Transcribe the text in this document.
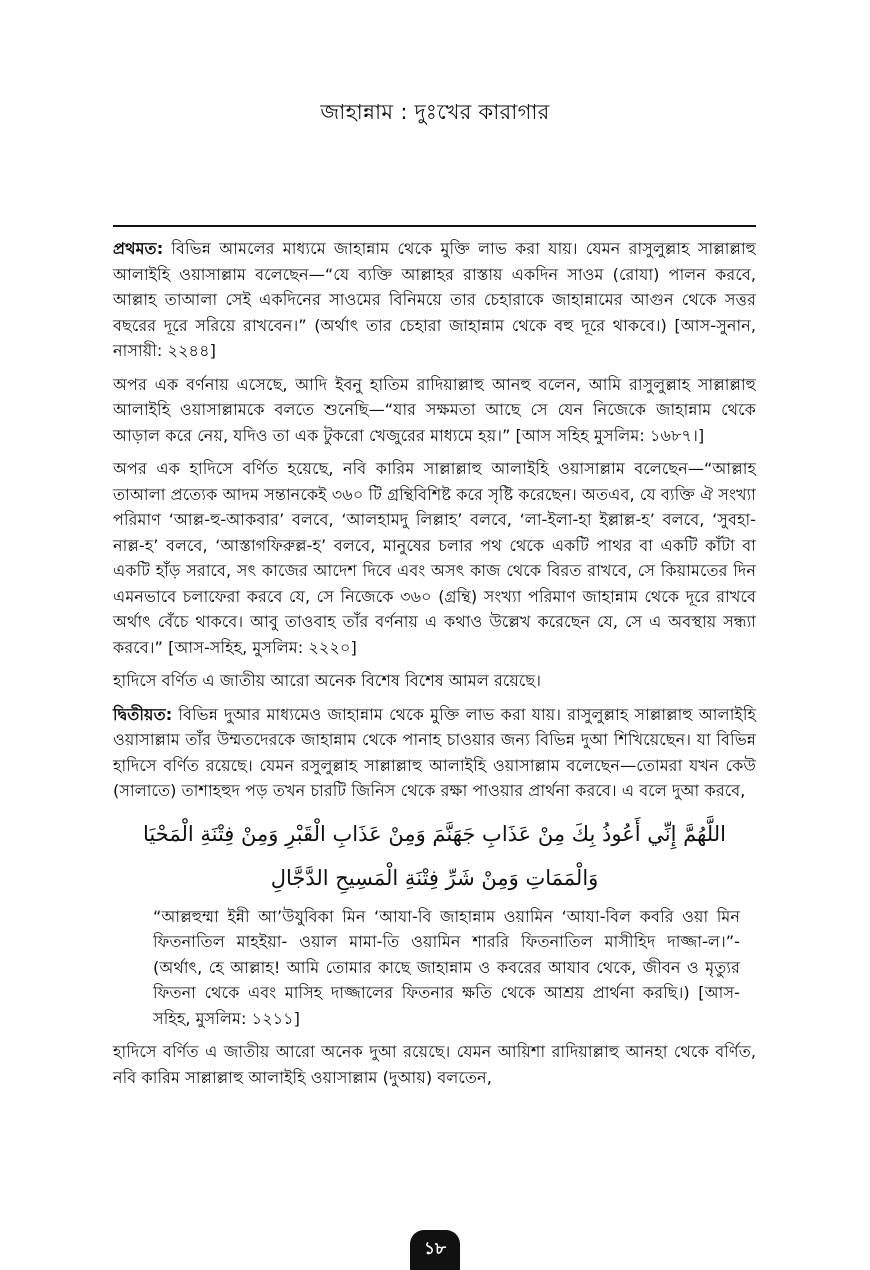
জাহান্নাম : দুঃখের কারাগার

প্রথমত: বিভিন্ন আমলের মাধ্যমে জাহান্নাম থেকে মুক্তি লাভ করা যায়। যেমন রাসুলুল্লাহ সাল্লাল্লাহু আলাইহি ওয়াসাল্লাম বলেছেন—“যে ব্যক্তি আল্লাহর রাস্তায় একদিন সাওম (রোযা) পালন করবে, আল্লাহ তাআলা সেই একদিনের সাওমের বিনিময়ে তার চেহারাকে জাহান্নামের আগুন থেকে সত্তর বছরের দূরে সরিয়ে রাখবেন।” (অর্থাৎ তার চেহারা জাহান্নাম থেকে বহু দূরে থাকবে।) [আস-সুনান, নাসায়ী: ২২৪৪]

অপর এক বর্ণনায় এসেছে, আদি ইবনু হাতিম রাদিয়াল্লাহু আনহু বলেন, আমি রাসুলুল্লাহ সাল্লাল্লাহু আলাইহি ওয়াসাল্লামকে বলতে শুনেছি—“যার সক্ষমতা আছে সে যেন নিজেকে জাহান্নাম থেকে আড়াল করে নেয়, যদিও তা এক টুকরো খেজুরের মাধ্যমে হয়।” [আস সহিহ মুসলিম: ১৬৮৭।]

অপর এক হাদিসে বর্ণিত হয়েছে, নবি কারিম সাল্লাল্লাহু আলাইহি ওয়াসাল্লাম বলেছেন—“আল্লাহ তাআলা প্রত্যেক আদম সন্তানকেই ৩৬০ টি গ্রন্থিবিশিষ্ট করে সৃষ্টি করেছেন। অতএব, যে ব্যক্তি ঐ সংখ্যা পরিমাণ ‘আল্ল-হু-আকবার’ বলবে, ‘আলহামদু লিল্লাহ’ বলবে, ‘লা-ইলা-হা ইল্লাল্ল-হ’ বলবে, ‘সুবহা-নাল্ল-হ’ বলবে, ‘আস্তাগফিরুল্ল-হ’ বলবে, মানুষের চলার পথ থেকে একটি পাথর বা একটি কাঁটা বা একটি হাঁড় সরাবে, সৎ কাজের আদেশ দিবে এবং অসৎ কাজ থেকে বিরত রাখবে, সে কিয়ামতের দিন এমনভাবে চলাফেরা করবে যে, সে নিজেকে ৩৬০ (গ্রন্থি) সংখ্যা পরিমাণ জাহান্নাম থেকে দূরে রাখবে অর্থাৎ বেঁচে থাকবে। আবু তাওবাহ তাঁর বর্ণনায় এ কথাও উল্লেখ করেছেন যে, সে এ অবস্থায় সন্ধ্যা করবে।” [আস-সহিহ, মুসলিম: ২২২০]

হাদিসে বর্ণিত এ জাতীয় আরো অনেক বিশেষ বিশেষ আমল রয়েছে।

দ্বিতীয়ত: বিভিন্ন দুআর মাধ্যমেও জাহান্নাম থেকে মুক্তি লাভ করা যায়। রাসুলুল্লাহ সাল্লাল্লাহু আলাইহি ওয়াসাল্লাম তাঁর উম্মতদেরকে জাহান্নাম থেকে পানাহ চাওয়ার জন্য বিভিন্ন দুআ শিখিয়েছেন। যা বিভিন্ন হাদিসে বর্ণিত রয়েছে। যেমন রসুলুল্লাহ সাল্লাল্লাহু আলাইহি ওয়াসাল্লাম বলেছেন—তোমরা যখন কেউ (সালাতে) তাশাহহুদ পড় তখন চারটি জিনিস থেকে রক্ষা পাওয়ার প্রার্থনা করবে। এ বলে দুআ করবে,

اللَّهُمَّ إِنِّي أَعُوذُ بِكَ مِنْ عَذَابِ جَهَنَّمَ وَمِنْ عَذَابِ الْقَبْرِ وَمِنْ فِتْنَةِ الْمَحْيَا
وَالْمَمَاتِ وَمِنْ شَرِّ فِتْنَةِ الْمَسِيحِ الدَّجَّالِ

“আল্লহুম্মা ইন্নী আ’উযুবিকা মিন ‘আযা-বি জাহান্নাম ওয়ামিন ‘আযা-বিল কবরি ওয়া মিন ফিতনাতিল মাহইয়া- ওয়াল মামা-তি ওয়ামিন শাররি ফিতনাতিল মাসীহিদ দাজ্জা-ল।”- (অর্থাৎ, হে আল্লাহ! আমি তোমার কাছে জাহান্নাম ও কবরের আযাব থেকে, জীবন ও মৃত্যুর ফিতনা থেকে এবং মাসিহ দাজ্জালের ফিতনার ক্ষতি থেকে আশ্রয় প্রার্থনা করছি।) [আস-সহিহ, মুসলিম: ১২১১]

হাদিসে বর্ণিত এ জাতীয় আরো অনেক দুআ রয়েছে। যেমন আয়িশা রাদিয়াল্লাহু আনহা থেকে বর্ণিত, নবি কারিম সাল্লাল্লাহু আলাইহি ওয়াসাল্লাম (দুআয়) বলতেন,

১৮
